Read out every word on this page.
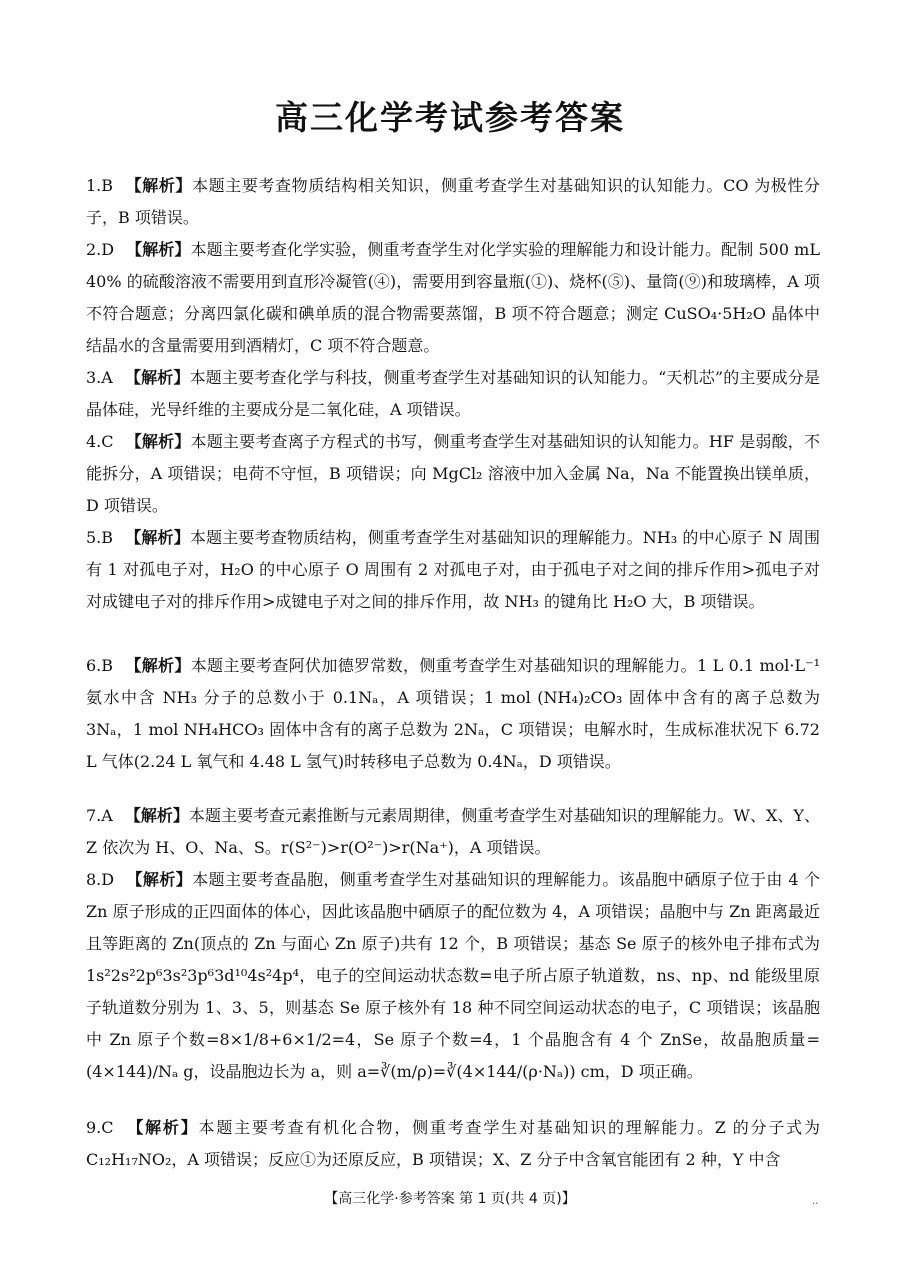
高三化学考试参考答案
1.B 【解析】本题主要考查物质结构相关知识，侧重考查学生对基础知识的认知能力。CO 为极性分子，B 项错误。
2.D 【解析】本题主要考查化学实验，侧重考查学生对化学实验的理解能力和设计能力。配制 500 mL 40% 的硫酸溶液不需要用到直形冷凝管(④)，需要用到容量瓶(①)、烧杯(⑤)、量筒(⑨)和玻璃棒，A 项不符合题意；分离四氯化碳和碘单质的混合物需要蒸馏，B 项不符合题意；测定 CuSO₄·5H₂O 晶体中结晶水的含量需要用到酒精灯，C 项不符合题意。
3.A 【解析】本题主要考查化学与科技，侧重考查学生对基础知识的认知能力。“天机芯”的主要成分是晶体硅，光导纤维的主要成分是二氧化硅，A 项错误。
4.C 【解析】本题主要考查离子方程式的书写，侧重考查学生对基础知识的认知能力。HF 是弱酸，不能拆分，A 项错误；电荷不守恒，B 项错误；向 MgCl₂ 溶液中加入金属 Na，Na 不能置换出镁单质，D 项错误。
5.B 【解析】本题主要考查物质结构，侧重考查学生对基础知识的理解能力。NH₃ 的中心原子 N 周围有 1 对孤电子对，H₂O 的中心原子 O 周围有 2 对孤电子对，由于孤电子对之间的排斥作用>孤电子对对成键电子对的排斥作用>成键电子对之间的排斥作用，故 NH₃ 的键角比 H₂O 大，B 项错误。
6.B 【解析】本题主要考查阿伏加德罗常数，侧重考查学生对基础知识的理解能力。1 L 0.1 mol·L⁻¹ 氨水中含 NH₃ 分子的总数小于 0.1Nₐ，A 项错误；1 mol (NH₄)₂CO₃ 固体中含有的离子总数为 3Nₐ，1 mol NH₄HCO₃ 固体中含有的离子总数为 2Nₐ，C 项错误；电解水时，生成标准状况下 6.72 L 气体(2.24 L 氧气和 4.48 L 氢气)时转移电子总数为 0.4Nₐ，D 项错误。
7.A 【解析】本题主要考查元素推断与元素周期律，侧重考查学生对基础知识的理解能力。W、X、Y、Z 依次为 H、O、Na、S。r(S²⁻)>r(O²⁻)>r(Na⁺)，A 项错误。
8.D 【解析】本题主要考查晶胞，侧重考查学生对基础知识的理解能力。该晶胞中硒原子位于由 4 个 Zn 原子形成的正四面体的体心，因此该晶胞中硒原子的配位数为 4，A 项错误；晶胞中与 Zn 距离最近且等距离的 Zn(顶点的 Zn 与面心 Zn 原子)共有 12 个，B 项错误；基态 Se 原子的核外电子排布式为 1s²2s²2p⁶3s²3p⁶3d¹⁰4s²4p⁴，电子的空间运动状态数=电子所占原子轨道数，ns、np、nd 能级里原子轨道数分别为 1、3、5，则基态 Se 原子核外有 18 种不同空间运动状态的电子，C 项错误；该晶胞中 Zn 原子个数=8×1/8+6×1/2=4，Se 原子个数=4，1 个晶胞含有 4 个 ZnSe，故晶胞质量=(4×144)/Nₐ g，设晶胞边长为 a，则 a=∛(m/ρ)=∛(4×144/(ρ·Nₐ)) cm，D 项正确。
9.C 【解析】本题主要考查有机化合物，侧重考查学生对基础知识的理解能力。Z 的分子式为 C₁₂H₁₇NO₂，A 项错误；反应①为还原反应，B 项错误；X、Z 分子中含氧官能团有 2 种，Y 中含
【高三化学·参考答案 第 1 页(共 4 页)】	..
